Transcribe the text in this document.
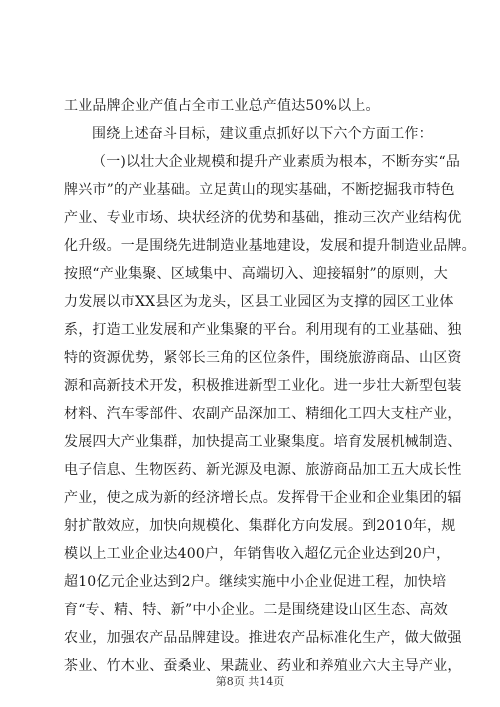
工业品牌企业产值占全市工业总产值达50%以上。
围绕上述奋斗目标，建议重点抓好以下六个方面工作：
（一)以壮大企业规模和提升产业素质为根本，不断夯实“品
牌兴市”的产业基础。立足黄山的现实基础，不断挖掘我市特色
产业、专业市场、块状经济的优势和基础，推动三次产业结构优
化升级。一是围绕先进制造业基地建设，发展和提升制造业品牌。
按照“产业集聚、区域集中、高端切入、迎接辐射”的原则，大
力发展以市XX县区为龙头，区县工业园区为支撑的园区工业体
系，打造工业发展和产业集聚的平台。利用现有的工业基础、独
特的资源优势，紧邻长三角的区位条件，围绕旅游商品、山区资
源和高新技术开发，积极推进新型工业化。进一步壮大新型包装
材料、汽车零部件、农副产品深加工、精细化工四大支柱产业，
发展四大产业集群，加快提高工业聚集度。培育发展机械制造、
电子信息、生物医药、新光源及电源、旅游商品加工五大成长性
产业，使之成为新的经济增长点。发挥骨干企业和企业集团的辐
射扩散效应，加快向规模化、集群化方向发展。到2010年，规
模以上工业企业达400户，年销售收入超亿元企业达到20户，
超10亿元企业达到2户。继续实施中小企业促进工程，加快培
育“专、精、特、新”中小企业。二是围绕建设山区生态、高效
农业，加强农产品品牌建设。推进农产品标准化生产，做大做强
茶业、竹木业、蚕桑业、果蔬业、药业和养殖业六大主导产业，
第8页 共14页
